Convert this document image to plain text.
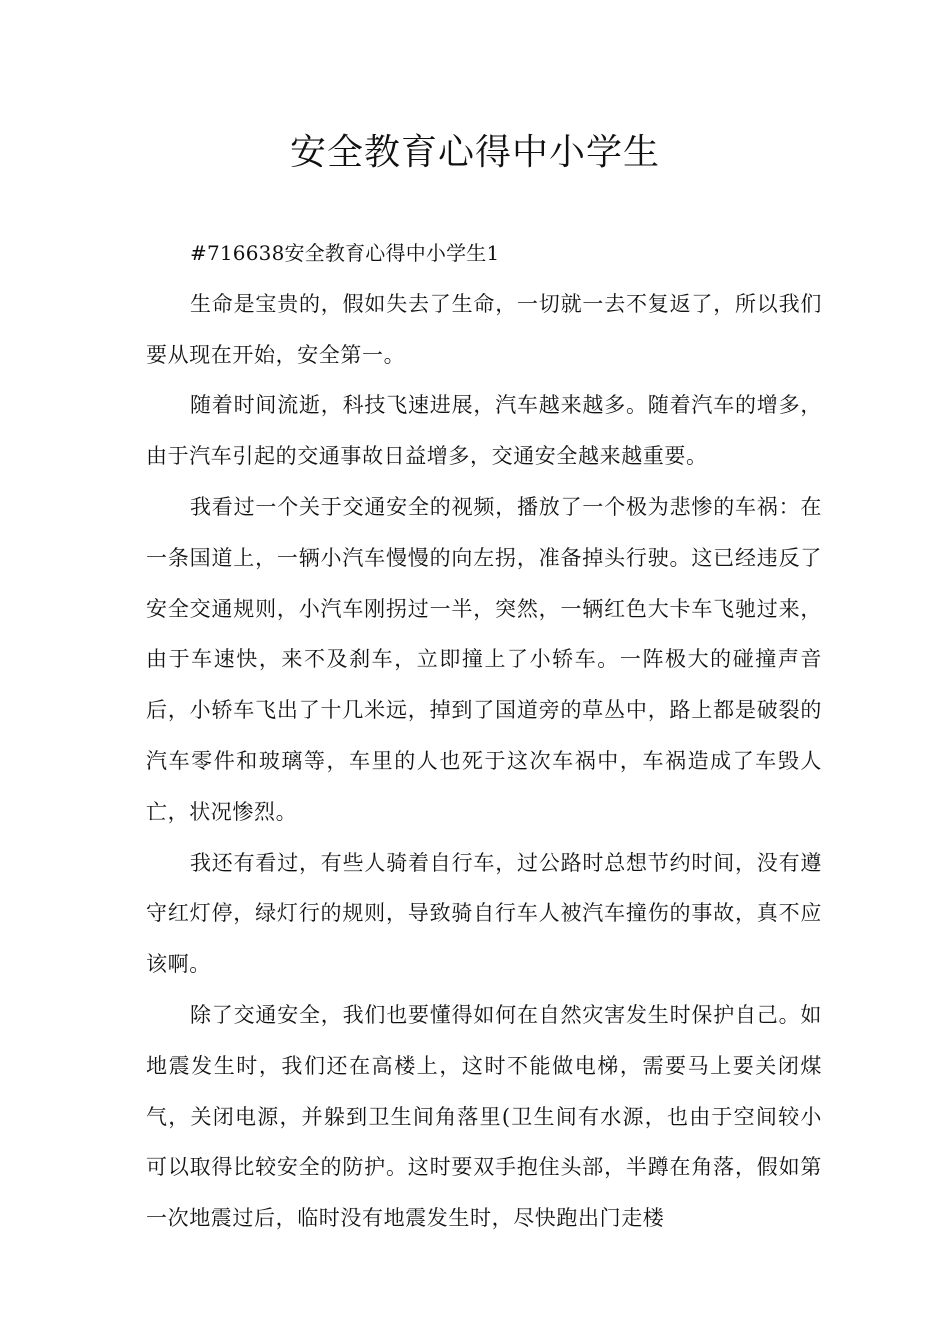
安全教育心得中小学生

#716638安全教育心得中小学生1

生命是宝贵的，假如失去了生命，一切就一去不复返了，所以我们要从现在开始，安全第一。

随着时间流逝，科技飞速进展，汽车越来越多。随着汽车的增多，由于汽车引起的交通事故日益增多，交通安全越来越重要。

我看过一个关于交通安全的视频，播放了一个极为悲惨的车祸：在一条国道上，一辆小汽车慢慢的向左拐，准备掉头行驶。这已经违反了安全交通规则，小汽车刚拐过一半，突然，一辆红色大卡车飞驰过来，由于车速快，来不及刹车，立即撞上了小轿车。一阵极大的碰撞声音后，小轿车飞出了十几米远，掉到了国道旁的草丛中，路上都是破裂的汽车零件和玻璃等，车里的人也死于这次车祸中，车祸造成了车毁人亡，状况惨烈。

我还有看过，有些人骑着自行车，过公路时总想节约时间，没有遵守红灯停，绿灯行的规则，导致骑自行车人被汽车撞伤的事故，真不应该啊。

除了交通安全，我们也要懂得如何在自然灾害发生时保护自己。如地震发生时，我们还在高楼上，这时不能做电梯，需要马上要关闭煤气，关闭电源，并躲到卫生间角落里(卫生间有水源，也由于空间较小可以取得比较安全的防护。这时要双手抱住头部，半蹲在角落，假如第一次地震过后，临时没有地震发生时，尽快跑出门走楼
